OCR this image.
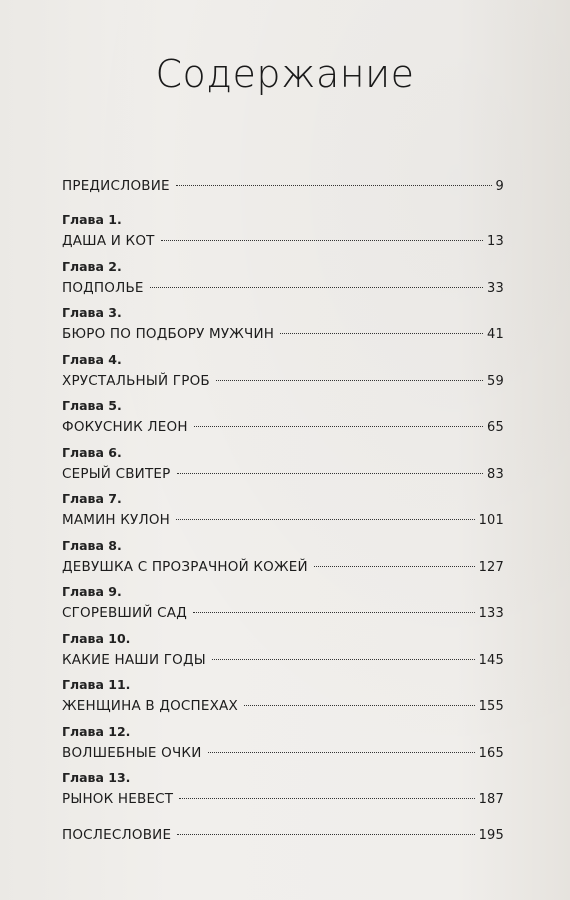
Содержание
ПРЕДИСЛОВИЕ	9
Глава 1.
ДАША И КОТ	13
Глава 2.
ПОДПОЛЬЕ	33
Глава 3.
БЮРО ПО ПОДБОРУ МУЖЧИН	41
Глава 4.
ХРУСТАЛЬНЫЙ ГРОБ	59
Глава 5.
ФОКУСНИК ЛЕОН	65
Глава 6.
СЕРЫЙ СВИТЕР	83
Глава 7.
МАМИН КУЛОН	101
Глава 8.
ДЕВУШКА С ПРОЗРАЧНОЙ КОЖЕЙ	127
Глава 9.
СГОРЕВШИЙ САД	133
Глава 10.
КАКИЕ НАШИ ГОДЫ	145
Глава 11.
ЖЕНЩИНА В ДОСПЕХАХ	155
Глава 12.
ВОЛШЕБНЫЕ ОЧКИ	165
Глава 13.
РЫНОК НЕВЕСТ	187
ПОСЛЕСЛОВИЕ	195
